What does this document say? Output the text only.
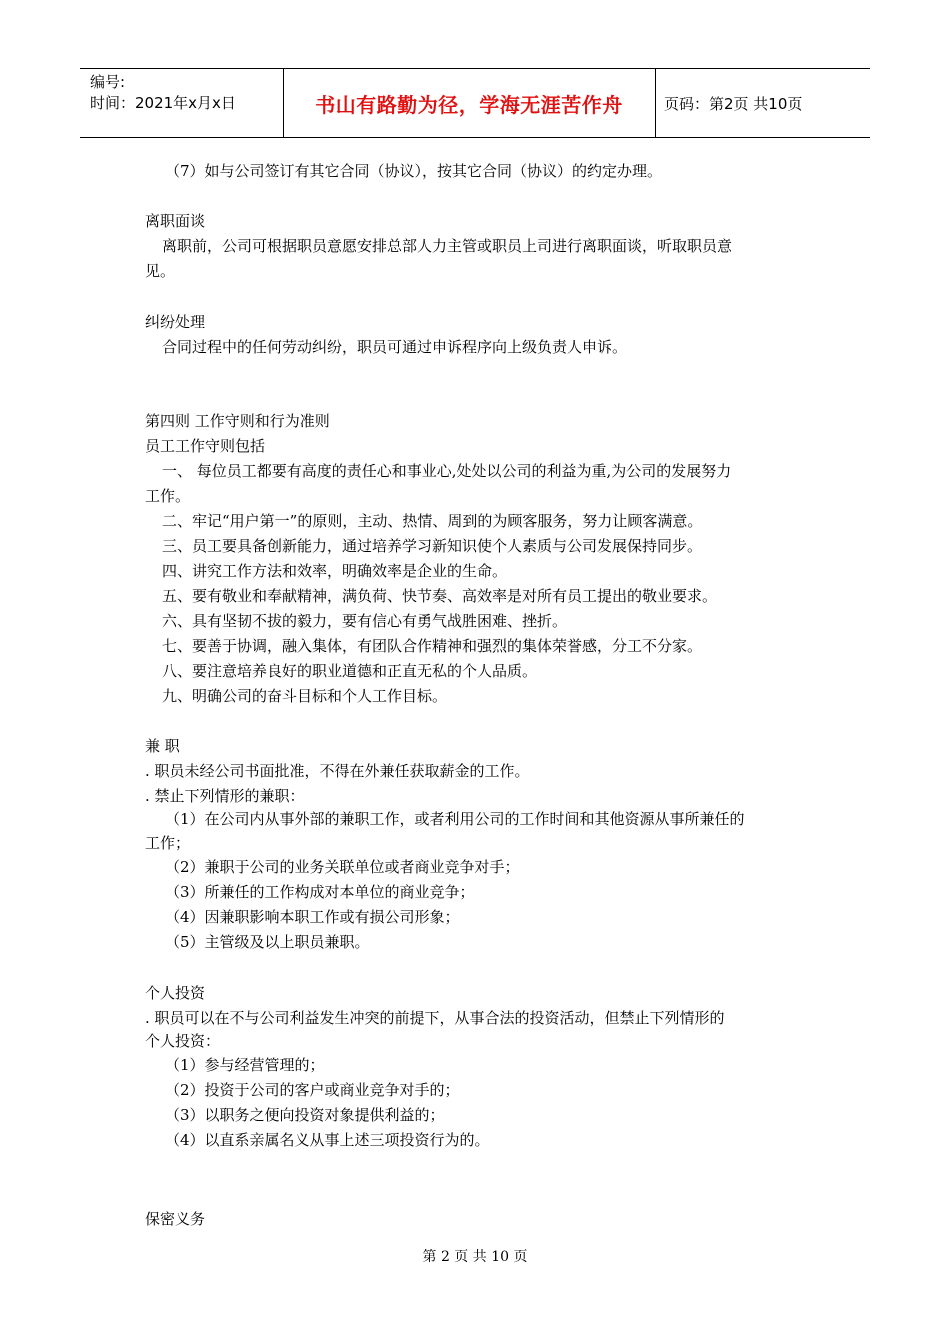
编号:
时间：2021年x月x日	书山有路勤为径，学海无涯苦作舟	页码：第2页 共10页
（7）如与公司签订有其它合同（协议），按其它合同（协议）的约定办理。
离职面谈
离职前，公司可根据职员意愿安排总部人力主管或职员上司进行离职面谈，听取职员意
见。
纠纷处理
合同过程中的任何劳动纠纷，职员可通过申诉程序向上级负责人申诉。
第四则 工作守则和行为准则
员工工作守则包括
一、 每位员工都要有高度的责任心和事业心,处处以公司的利益为重,为公司的发展努力
工作。
二、牢记“用户第一”的原则，主动、热情、周到的为顾客服务，努力让顾客满意。
三、员工要具备创新能力，通过培养学习新知识使个人素质与公司发展保持同步。
四、讲究工作方法和效率，明确效率是企业的生命。
五、要有敬业和奉献精神，满负荷、快节奏、高效率是对所有员工提出的敬业要求。
六、具有坚韧不拔的毅力，要有信心有勇气战胜困难、挫折。
七、要善于协调，融入集体，有团队合作精神和强烈的集体荣誉感，分工不分家。
八、要注意培养良好的职业道德和正直无私的个人品质。
九、明确公司的奋斗目标和个人工作目标。
兼 职
. 职员未经公司书面批准，不得在外兼任获取薪金的工作。
. 禁止下列情形的兼职：
（1）在公司内从事外部的兼职工作，或者利用公司的工作时间和其他资源从事所兼任的
工作；
（2）兼职于公司的业务关联单位或者商业竞争对手；
（3）所兼任的工作构成对本单位的商业竞争；
（4）因兼职影响本职工作或有损公司形象；
（5）主管级及以上职员兼职。
个人投资
. 职员可以在不与公司利益发生冲突的前提下，从事合法的投资活动，但禁止下列情形的
个人投资：
（1）参与经营管理的；
（2）投资于公司的客户或商业竞争对手的；
（3）以职务之便向投资对象提供利益的；
（4）以直系亲属名义从事上述三项投资行为的。
保密义务
第 2 页 共 10 页
